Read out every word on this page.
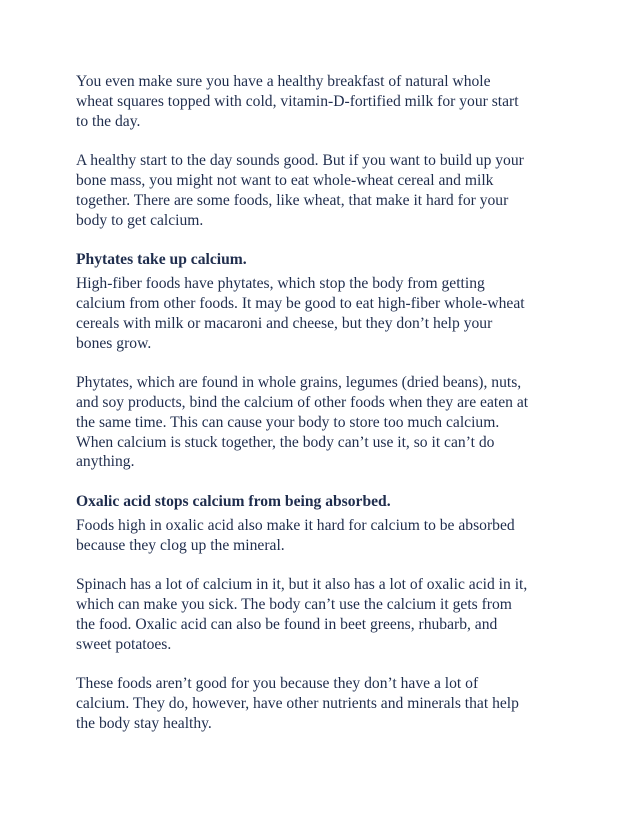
You even make sure you have a healthy breakfast of natural whole
wheat squares topped with cold, vitamin-D-fortified milk for your start
to the day.

A healthy start to the day sounds good. But if you want to build up your
bone mass, you might not want to eat whole-wheat cereal and milk
together. There are some foods, like wheat, that make it hard for your
body to get calcium.

Phytates take up calcium.

High-fiber foods have phytates, which stop the body from getting
calcium from other foods. It may be good to eat high-fiber whole-wheat
cereals with milk or macaroni and cheese, but they don’t help your
bones grow.

Phytates, which are found in whole grains, legumes (dried beans), nuts,
and soy products, bind the calcium of other foods when they are eaten at
the same time. This can cause your body to store too much calcium.
When calcium is stuck together, the body can’t use it, so it can’t do
anything.

Oxalic acid stops calcium from being absorbed.

Foods high in oxalic acid also make it hard for calcium to be absorbed
because they clog up the mineral.

Spinach has a lot of calcium in it, but it also has a lot of oxalic acid in it,
which can make you sick. The body can’t use the calcium it gets from
the food. Oxalic acid can also be found in beet greens, rhubarb, and
sweet potatoes.

These foods aren’t good for you because they don’t have a lot of
calcium. They do, however, have other nutrients and minerals that help
the body stay healthy.
